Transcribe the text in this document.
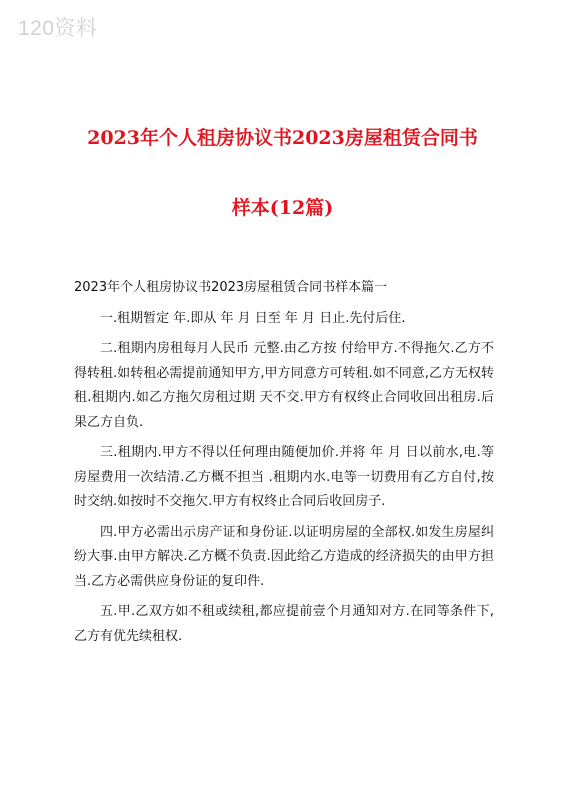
120资料
2023年个人租房协议书2023房屋租赁合同书
样本(12篇)
2023年个人租房协议书2023房屋租赁合同书样本篇一

一.租期暂定 年.即从 年 月 日至 年 月 日止.先付后住.

二.租期内房租每月人民币 元整.由乙方按 付给甲方.不得拖欠.乙方不得转租.如转租必需提前通知甲方,甲方同意方可转租.如不同意,乙方无权转租.租期内.如乙方拖欠房租过期 天不交.甲方有权终止合同收回出租房.后果乙方自负.

三.租期内.甲方不得以任何理由随便加价.并将 年 月 日以前水,电.等房屋费用一次结清.乙方概不担当 .租期内水.电等一切费用有乙方自付,按时交纳.如按时不交拖欠.甲方有权终止合同后收回房子.

四.甲方必需出示房产证和身份证.以证明房屋的全部权.如发生房屋纠纷大事.由甲方解决.乙方概不负责.因此给乙方造成的经济损失的由甲方担当.乙方必需供应身份证的复印件.

五.甲.乙双方如不租或续租,都应提前壹个月通知对方.在同等条件下,乙方有优先续租权.
